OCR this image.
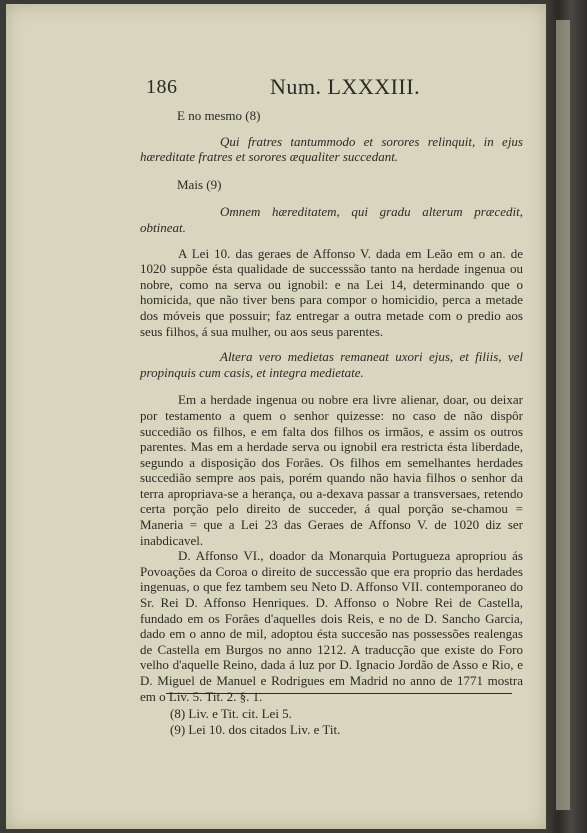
186	Num. LXXXIII.

E no mesmo (8)

Qui fratres tantummodo et sorores relinquit, in ejus hæreditate fratres et sorores æqualiter succedant.

Mais (9)

Omnem hæreditatem, qui gradu alterum præcedit, obtineat.

A Lei 10. das geraes de Affonso V. dada em Leão em o an. de 1020 suppõe ésta qualidade de successsão tanto na herdade ingenua ou nobre, como na serva ou ignobil: e na Lei 14, determinando que o homicida, que não tiver bens para compor o homicidio, perca a metade dos móveis que possuir; faz entregar a outra metade com o predio aos seus filhos, á sua mulher, ou aos seus parentes.

Altera vero medietas remaneat uxori ejus, et filiis, vel propinquis cum casis, et integra medietate.

Em a herdade ingenua ou nobre era livre alienar, doar, ou deixar por testamento a quem o senhor quizesse: no caso de não dispôr succedião os filhos, e em falta dos filhos os irmãos, e assim os outros parentes. Mas em a herdade serva ou ignobil era restricta ésta liberdade, segundo a disposição dos Forâes. Os filhos em semelhantes herdades succedião sempre aos pais, porém quando não havia filhos o senhor da terra apropriava-se a herança, ou a-dexava passar a transversaes, retendo certa porção pelo direito de succeder, á qual porção se-chamou = Maneria = que a Lei 23 das Geraes de Affonso V. de 1020 diz ser inabdicavel.

D. Affonso VI., doador da Monarquia Portugueza apropriou ás Povoações da Coroa o direito de successão que era proprio das herdades ingenuas, o que fez tambem seu Neto D. Affonso VII. contemporaneo do Sr. Rei D. Affonso Henriques. D. Affonso o Nobre Rei de Castella, fundado em os Forâes d'aquelles dois Reis, e no de D. Sancho Garcia, dado em o anno de mil, adoptou ésta succesão nas possessões realengas de Castella em Burgos no anno 1212. A traducção que existe do Foro velho d'aquelle Reino, dada á luz por D. Ignacio Jordão de Asso e Rio, e D. Miguel de Manuel e Rodrigues em Madrid no anno de 1771 mostra em o Liv. 5. Tit. 2. §. 1.

(8) Liv. e Tit. cit. Lei 5.

(9) Lei 10. dos citados Liv. e Tit.
